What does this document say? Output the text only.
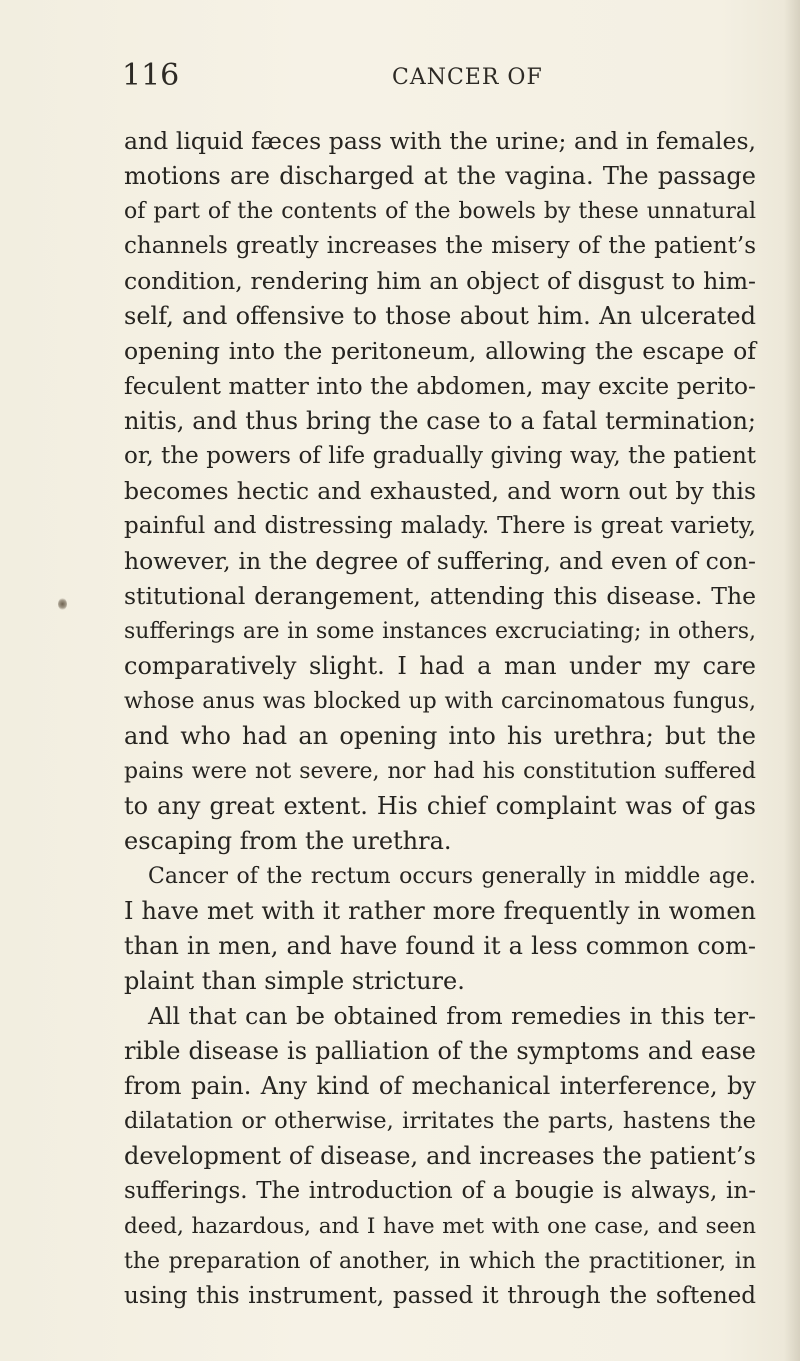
116	CANCER OF
and liquid fæces pass with the urine; and in females,
motions are discharged at the vagina. The passage
of part of the contents of the bowels by these unnatural
channels greatly increases the misery of the patient’s
condition, rendering him an object of disgust to him-
self, and offensive to those about him. An ulcerated
opening into the peritoneum, allowing the escape of
feculent matter into the abdomen, may excite perito-
nitis, and thus bring the case to a fatal termination;
or, the powers of life gradually giving way, the patient
becomes hectic and exhausted, and worn out by this
painful and distressing malady. There is great variety,
however, in the degree of suffering, and even of con-
stitutional derangement, attending this disease. The
sufferings are in some instances excruciating; in others,
comparatively slight. I had a man under my care
whose anus was blocked up with carcinomatous fungus,
and who had an opening into his urethra; but the
pains were not severe, nor had his constitution suffered
to any great extent. His chief complaint was of gas
escaping from the urethra.
Cancer of the rectum occurs generally in middle age.
I have met with it rather more frequently in women
than in men, and have found it a less common com-
plaint than simple stricture.
All that can be obtained from remedies in this ter-
rible disease is palliation of the symptoms and ease
from pain. Any kind of mechanical interference, by
dilatation or otherwise, irritates the parts, hastens the
development of disease, and increases the patient’s
sufferings. The introduction of a bougie is always, in-
deed, hazardous, and I have met with one case, and seen
the preparation of another, in which the practitioner, in
using this instrument, passed it through the softened
